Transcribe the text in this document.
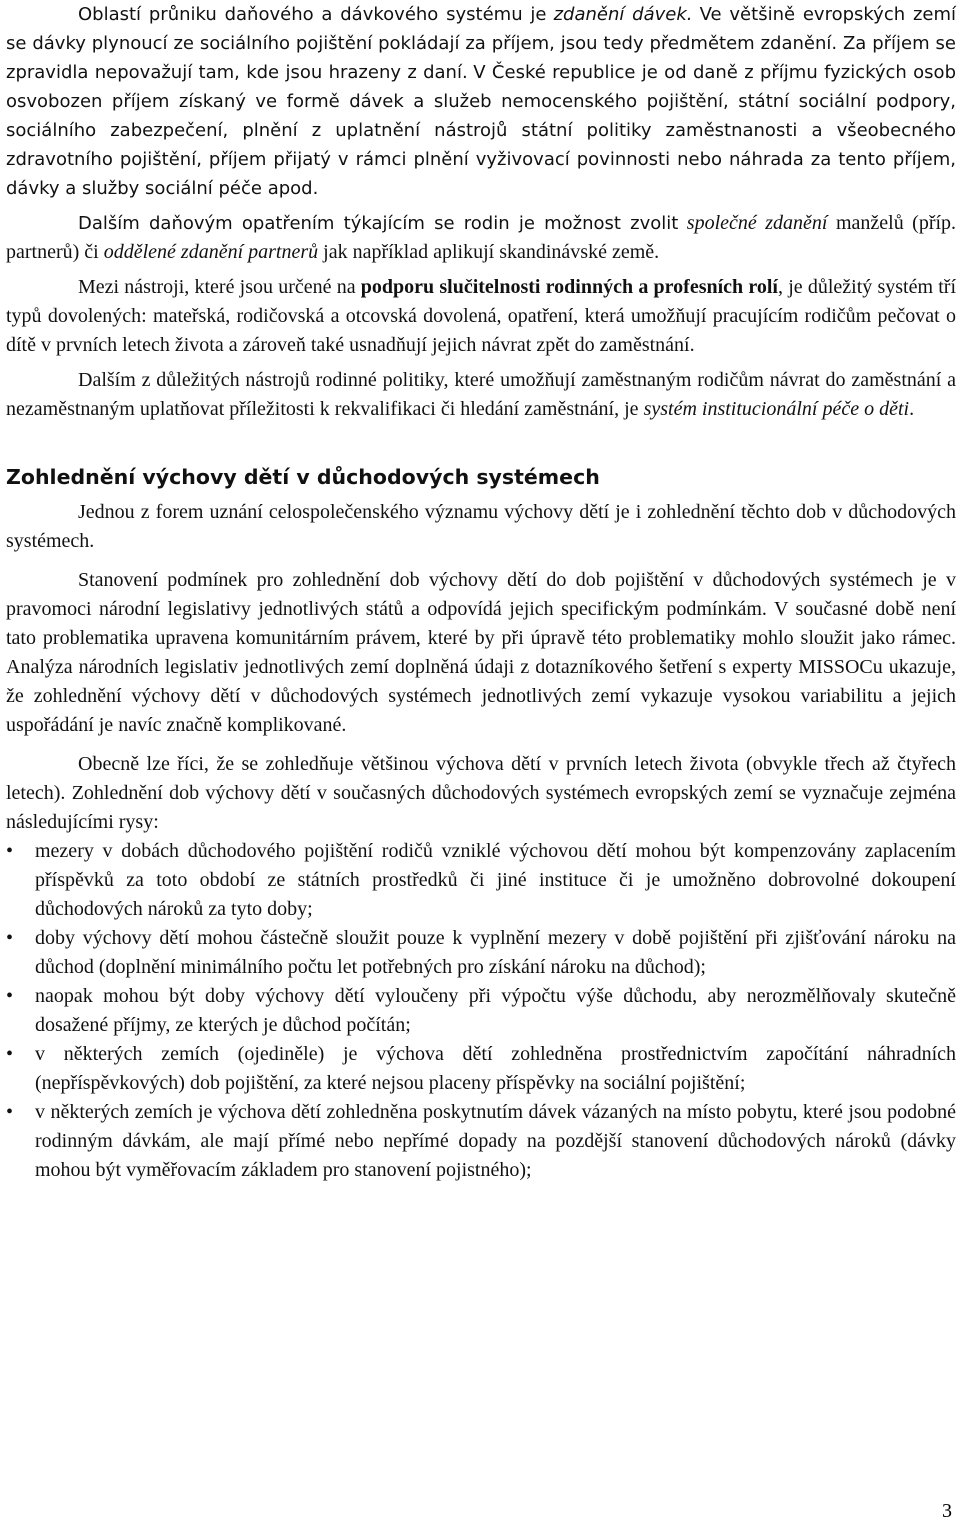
Oblastí průniku daňového a dávkového systému je zdanění dávek. Ve většině evropských zemí se dávky plynoucí ze sociálního pojištění pokládají za příjem, jsou tedy předmětem zdanění. Za příjem se zpravidla nepovažují tam, kde jsou hrazeny z daní. V České republice je od daně z příjmu fyzických osob osvobozen příjem získaný ve formě dávek a služeb nemocenského pojištění, státní sociální podpory, sociálního zabezpečení, plnění z uplatnění nástrojů státní politiky zaměstnanosti a všeobecného zdravotního pojištění, příjem přijatý v rámci plnění vyživovací povinnosti nebo náhrada za tento příjem, dávky a služby sociální péče apod.

Dalším daňovým opatřením týkajícím se rodin je možnost zvolit společné zdanění manželů (příp. partnerů) či oddělené zdanění partnerů jak například aplikují skandinávské země.

Mezi nástroji, které jsou určené na podporu slučitelnosti rodinných a profesních rolí, je důležitý systém tří typů dovolených: mateřská, rodičovská a otcovská dovolená, opatření, která umožňují pracujícím rodičům pečovat o dítě v prvních letech života a zároveň také usnadňují jejich návrat zpět do zaměstnání.

Dalším z důležitých nástrojů rodinné politiky, které umožňují zaměstnaným rodičům návrat do zaměstnání a nezaměstnaným uplatňovat příležitosti k rekvalifikaci či hledání zaměstnání, je systém institucionální péče o děti.

Zohlednění výchovy dětí v důchodových systémech

Jednou z forem uznání celospolečenského významu výchovy dětí je i zohlednění těchto dob v důchodových systémech.

Stanovení podmínek pro zohlednění dob výchovy dětí do dob pojištění v důchodových systémech je v pravomoci národní legislativy jednotlivých států a odpovídá jejich specifickým podmínkám. V současné době není tato problematika upravena komunitárním právem, které by při úpravě této problematiky mohlo sloužit jako rámec. Analýza národních legislativ jednotlivých zemí doplněná údaji z dotazníkového šetření s experty MISSOCu ukazuje, že zohlednění výchovy dětí v důchodových systémech jednotlivých zemí vykazuje vysokou variabilitu a jejich uspořádání je navíc značně komplikované.

Obecně lze říci, že se zohledňuje většinou výchova dětí v prvních letech života (obvykle třech až čtyřech letech). Zohlednění dob výchovy dětí v současných důchodových systémech evropských zemí se vyznačuje zejména následujícími rysy:

• mezery v dobách důchodového pojištění rodičů vzniklé výchovou dětí mohou být kompenzovány zaplacením příspěvků za toto období ze státních prostředků či jiné instituce či je umožněno dobrovolné dokoupení důchodových nároků za tyto doby;
• doby výchovy dětí mohou částečně sloužit pouze k vyplnění mezery v době pojištění při zjišťování nároku na důchod (doplnění minimálního počtu let potřebných pro získání nároku na důchod);
• naopak mohou být doby výchovy dětí vyloučeny při výpočtu výše důchodu, aby nerozmělňovaly skutečně dosažené příjmy, ze kterých je důchod počítán;
• v některých zemích (ojediněle) je výchova dětí zohledněna prostřednictvím započítání náhradních (nepříspěvkových) dob pojištění, za které nejsou placeny příspěvky na sociální pojištění;
• v některých zemích je výchova dětí zohledněna poskytnutím dávek vázaných na místo pobytu, které jsou podobné rodinným dávkám, ale mají přímé nebo nepřímé dopady na pozdější stanovení důchodových nároků (dávky mohou být vyměřovacím základem pro stanovení pojistného);
3
